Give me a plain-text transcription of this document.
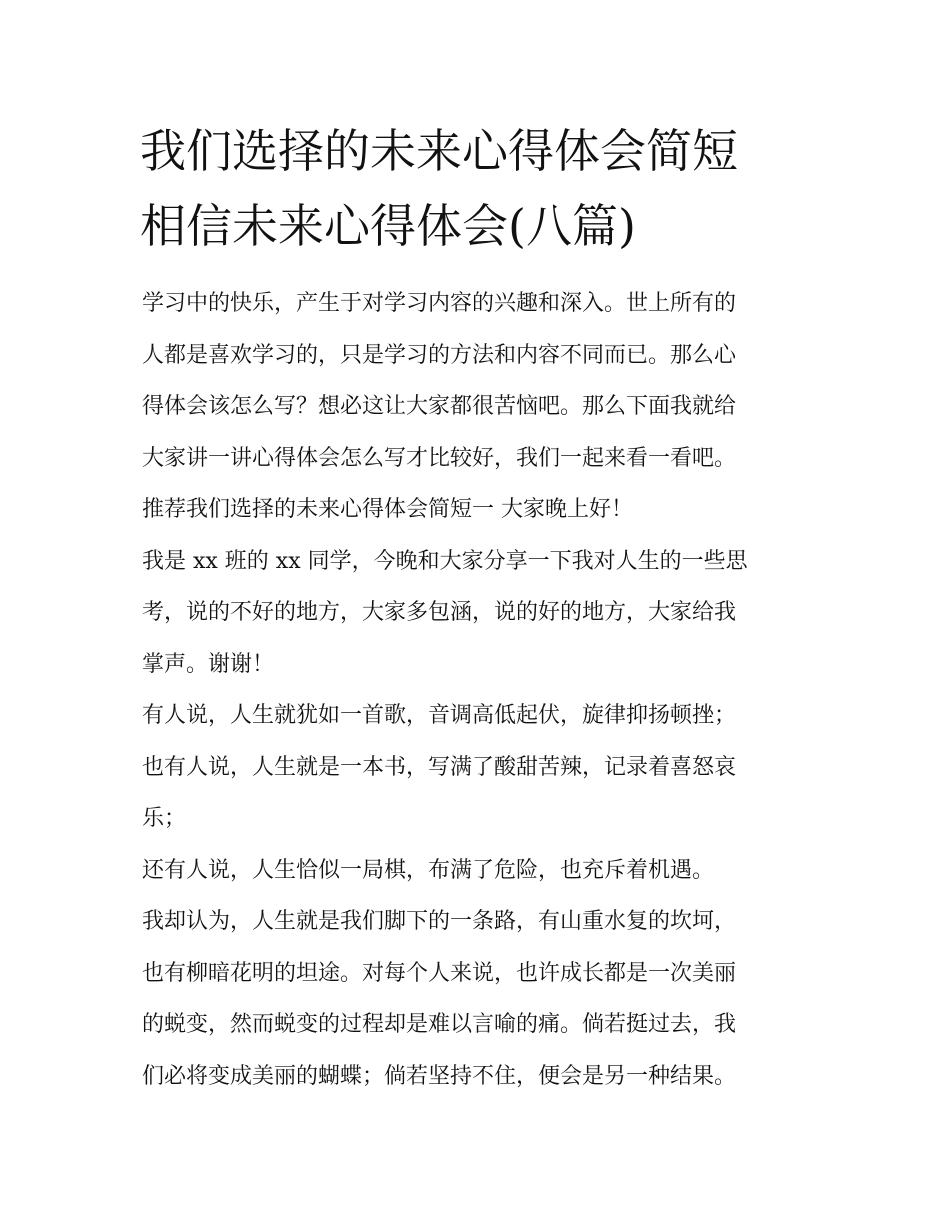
我们选择的未来心得体会简短
相信未来心得体会(八篇)
学习中的快乐，产生于对学习内容的兴趣和深入。世上所有的
人都是喜欢学习的，只是学习的方法和内容不同而已。那么心
得体会该怎么写？想必这让大家都很苦恼吧。那么下面我就给
大家讲一讲心得体会怎么写才比较好，我们一起来看一看吧。
推荐我们选择的未来心得体会简短一 大家晚上好！
我是 xx 班的 xx 同学，今晚和大家分享一下我对人生的一些思
考，说的不好的地方，大家多包涵，说的好的地方，大家给我
掌声。谢谢！
有人说，人生就犹如一首歌，音调高低起伏，旋律抑扬顿挫；
也有人说，人生就是一本书，写满了酸甜苦辣，记录着喜怒哀
乐；
还有人说，人生恰似一局棋，布满了危险，也充斥着机遇。
我却认为，人生就是我们脚下的一条路，有山重水复的坎坷，
也有柳暗花明的坦途。对每个人来说，也许成长都是一次美丽
的蜕变，然而蜕变的过程却是难以言喻的痛。倘若挺过去，我
们必将变成美丽的蝴蝶；倘若坚持不住，便会是另一种结果。
